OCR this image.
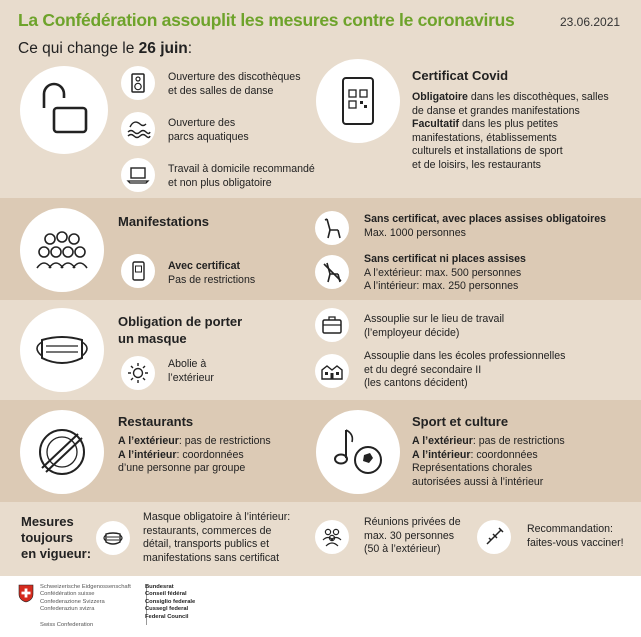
La Confédération assouplit les mesures contre le coronavirus	23.06.2021
Ce qui change le 26 juin:
Ouverture des discothèques
et des salles de danse
Ouverture des
parcs aquatiques
Travail à domicile recommandé
et non plus obligatoire
Certificat Covid
Obligatoire dans les discothèques, salles
de danse et grandes manifestations
Facultatif dans les plus petites
manifestations, établissements
culturels et installations de sport
et de loisirs, les restaurants
Manifestations
Avec certificat
Pas de restrictions
Sans certificat, avec places assises obligatoires
Max. 1000 personnes
Sans certificat ni places assises
A l’extérieur: max. 500 personnes
A l’intérieur: max. 250 personnes
Obligation de porter
un masque
Abolie à
l’extérieur
Assouplie sur le lieu de travail
(l’employeur décide)
Assouplie dans les écoles professionnelles
et du degré secondaire II
(les cantons décident)
Restaurants
A l’extérieur: pas de restrictions
A l’intérieur: coordonnées
d’une personne par groupe
Sport et culture
A l’extérieur: pas de restrictions
A l’intérieur: coordonnées
Représentations chorales
autorisées aussi à l’intérieur
Mesures
toujours
en vigueur:
Masque obligatoire à l’intérieur:
restaurants, commerces de
détail, transports publics et
manifestations sans certificat
Réunions privées de
max. 30 personnes
(50 à l’extérieur)
Recommandation:
faites-vous vacciner!
Schweizerische Eidgenossenschaft
Confédération suisse
Confederazione Svizzera
Confederaziun svizra
Swiss Confederation
Bundesrat
Conseil fédéral
Consiglio federale
Cussegl federal
Federal Council
